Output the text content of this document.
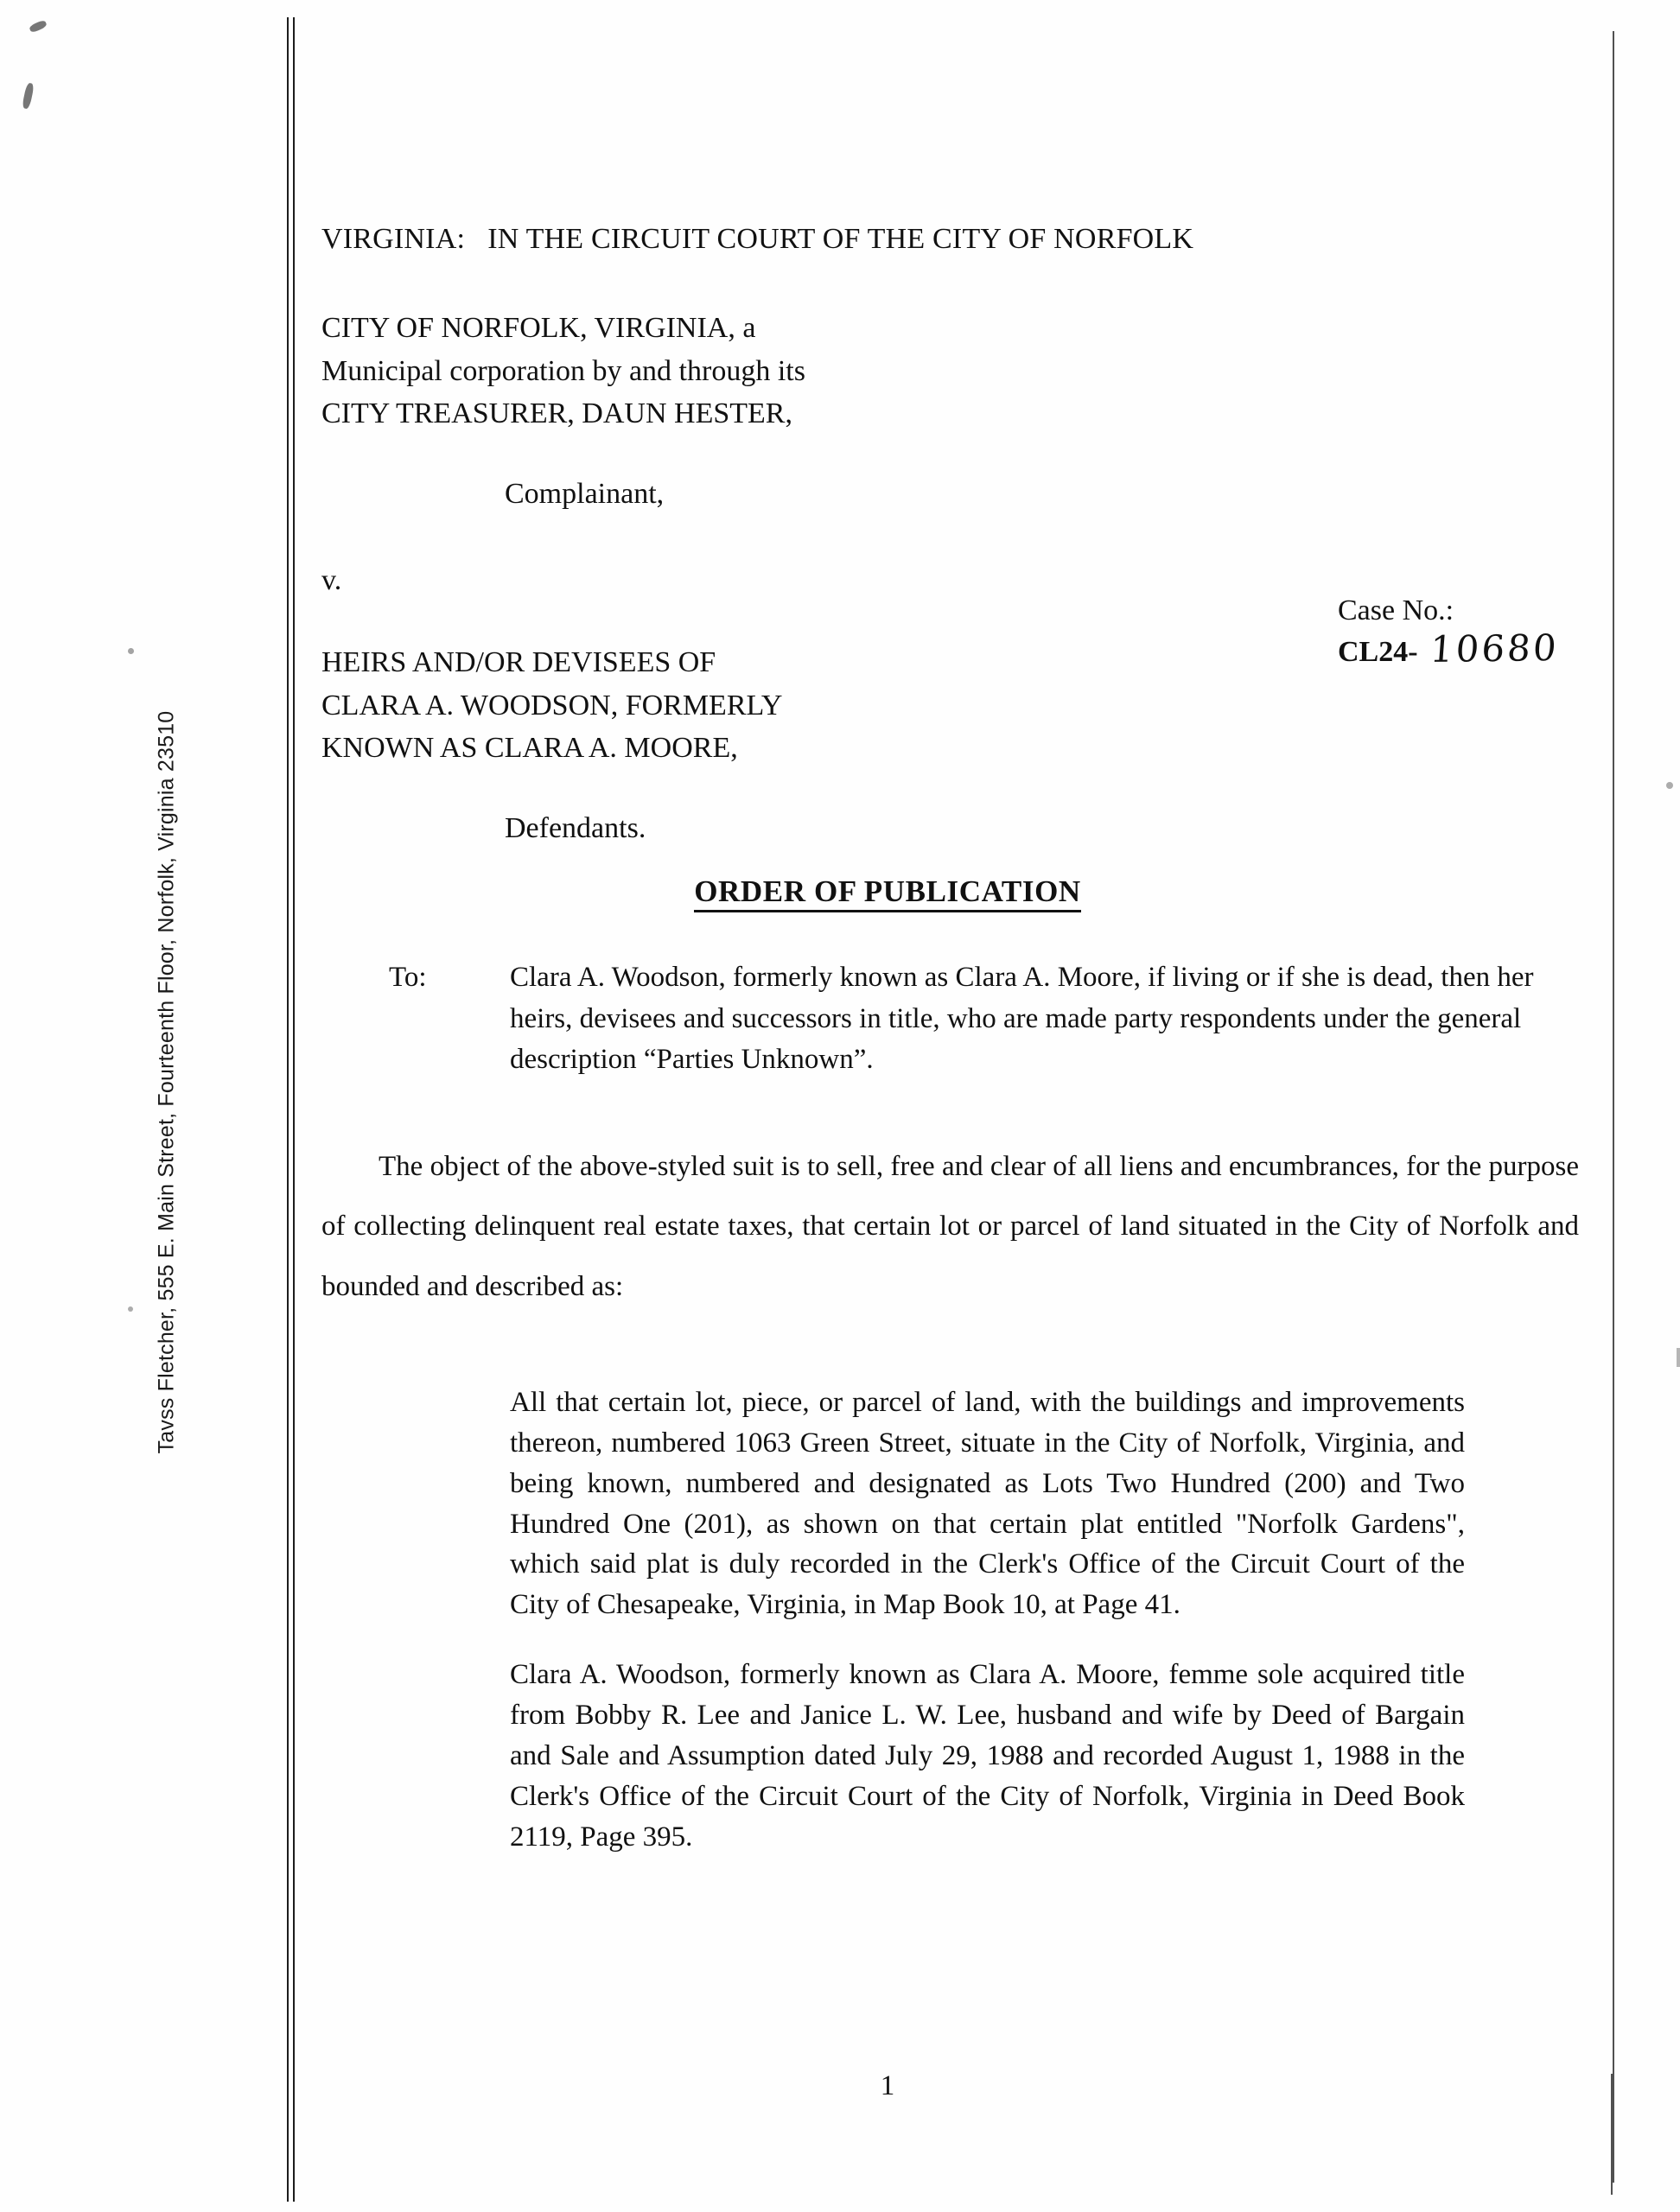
Tavss Fletcher, 555 E. Main Street, Fourteenth Floor, Norfolk, Virginia 23510
VIRGINIA:   IN THE CIRCUIT COURT OF THE CITY OF NORFOLK
CITY OF NORFOLK, VIRGINIA, a
Municipal corporation by and through its
CITY TREASURER, DAUN HESTER,
Complainant,
v.

Case No.:
CL24- 10680

HEIRS AND/OR DEVISEES OF
CLARA A. WOODSON, FORMERLY
KNOWN AS CLARA A. MOORE,
Defendants.
ORDER OF PUBLICATION
To:	Clara A. Woodson, formerly known as Clara A. Moore, if living or if she is dead, then her heirs, devisees and successors in title, who are made party respondents under the general description “Parties Unknown”.
The object of the above-styled suit is to sell, free and clear of all liens and encumbrances, for the purpose of collecting delinquent real estate taxes, that certain lot or parcel of land situated in the City of Norfolk and bounded and described as:

All that certain lot, piece, or parcel of land, with the buildings and improvements thereon, numbered 1063 Green Street, situate in the City of Norfolk, Virginia, and being known, numbered and designated as Lots Two Hundred (200) and Two Hundred One (201), as shown on that certain plat entitled "Norfolk Gardens", which said plat is duly recorded in the Clerk's Office of the Circuit Court of the City of Chesapeake, Virginia, in Map Book 10, at Page 41.

Clara A. Woodson, formerly known as Clara A. Moore, femme sole acquired title from Bobby R. Lee and Janice L. W. Lee, husband and wife by Deed of Bargain and Sale and Assumption dated July 29, 1988 and recorded August 1, 1988 in the Clerk's Office of the Circuit Court of the City of Norfolk, Virginia in Deed Book 2119, Page 395.

1
